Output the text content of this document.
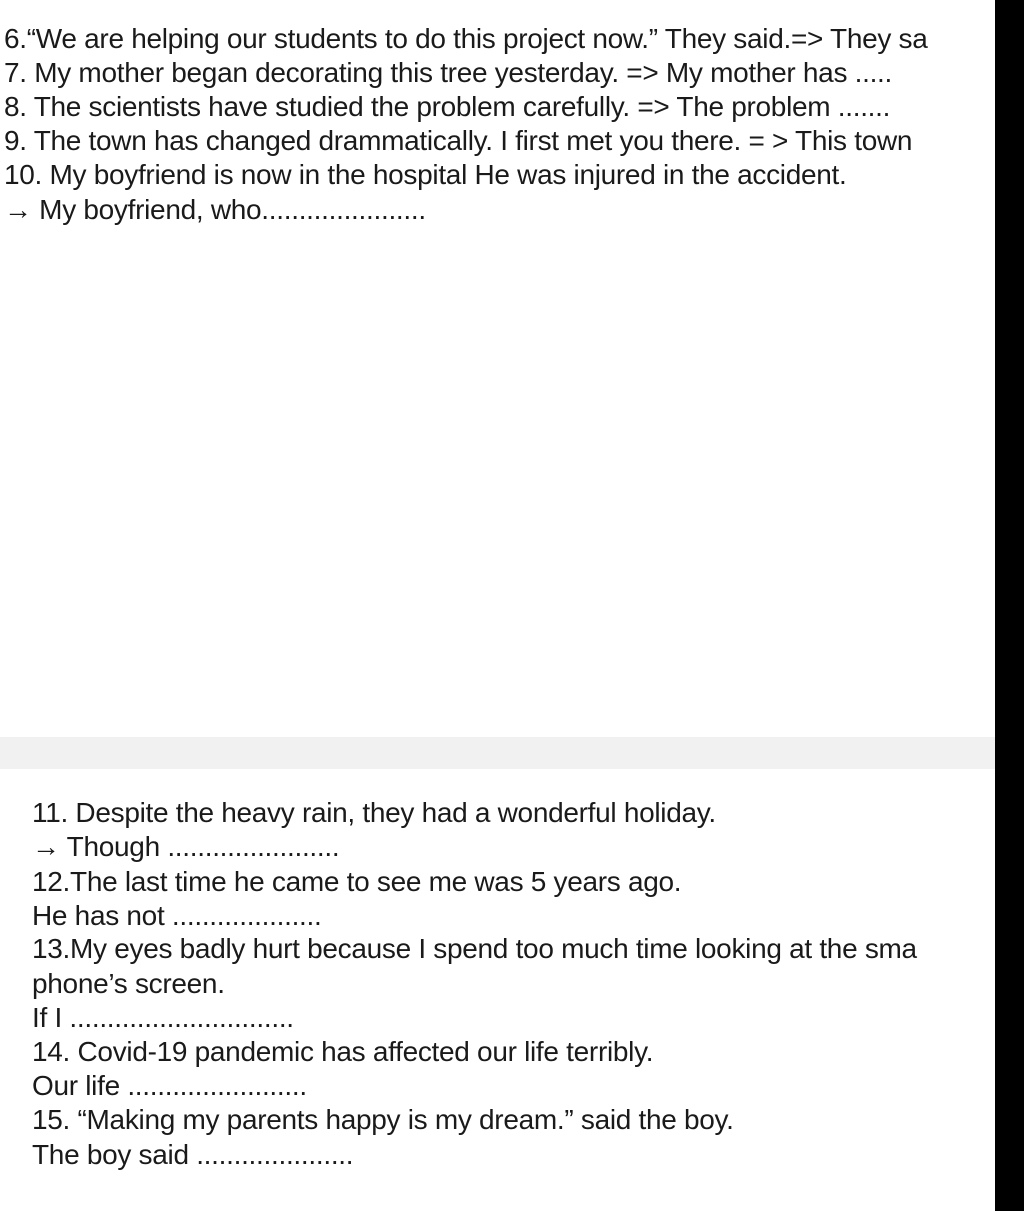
6.“We are helping our students to do this project now.” They said.=> They sa
7. My mother began decorating this tree yesterday. => My mother has .....
8. The scientists have studied the problem carefully. => The problem .......
9. The town has changed drammatically. I first met you there. = > This town
10. My boyfriend is now in the hospital He was injured in the accident.
→ My boyfriend, who......................
11. Despite the heavy rain, they had a wonderful holiday.
→ Though .......................
12.The last time he came to see me was 5 years ago.
He has not ....................
13.My eyes badly hurt because I spend too much time looking at the sma
phone’s screen.
If I ..............................
14. Covid-19 pandemic has affected our life terribly.
Our life ........................
15. “Making my parents happy is my dream.” said the boy.
The boy said .....................
